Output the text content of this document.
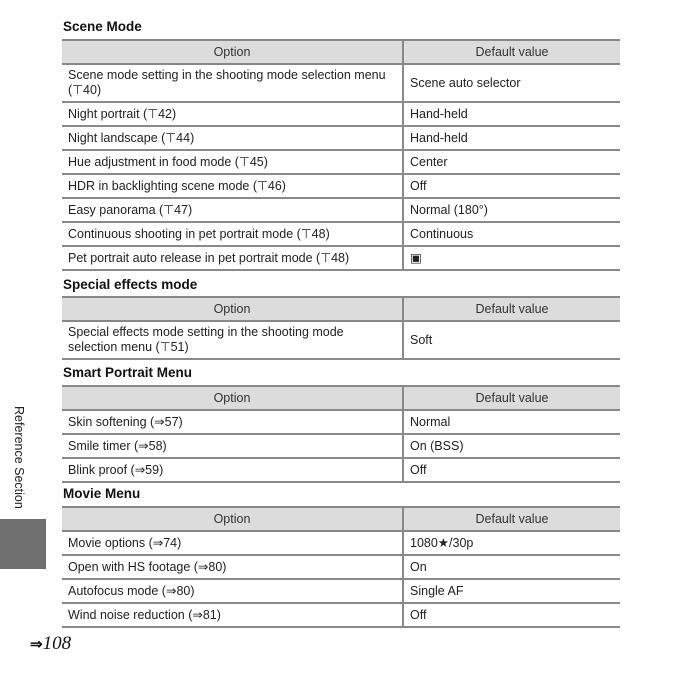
Scene Mode
Option	Default value
Scene mode setting in the shooting mode selection menu (⊤40)	Scene auto selector
Night portrait (⊤42)	Hand-held
Night landscape (⊤44)	Hand-held
Hue adjustment in food mode (⊤45)	Center
HDR in backlighting scene mode (⊤46)	Off
Easy panorama (⊤47)	Normal (180°)
Continuous shooting in pet portrait mode (⊤48)	Continuous
Pet portrait auto release in pet portrait mode (⊤48)	▣
Special effects mode
Option	Default value
Special effects mode setting in the shooting mode selection menu (⊤51)	Soft
Smart Portrait Menu
Option	Default value
Skin softening (⇒57)	Normal
Smile timer (⇒58)	On (BSS)
Blink proof (⇒59)	Off
Movie Menu
Option	Default value
Movie options (⇒74)	1080★/30p
Open with HS footage (⇒80)	On
Autofocus mode (⇒80)	Single AF
Wind noise reduction (⇒81)	Off
Reference Section
⇒ 108
